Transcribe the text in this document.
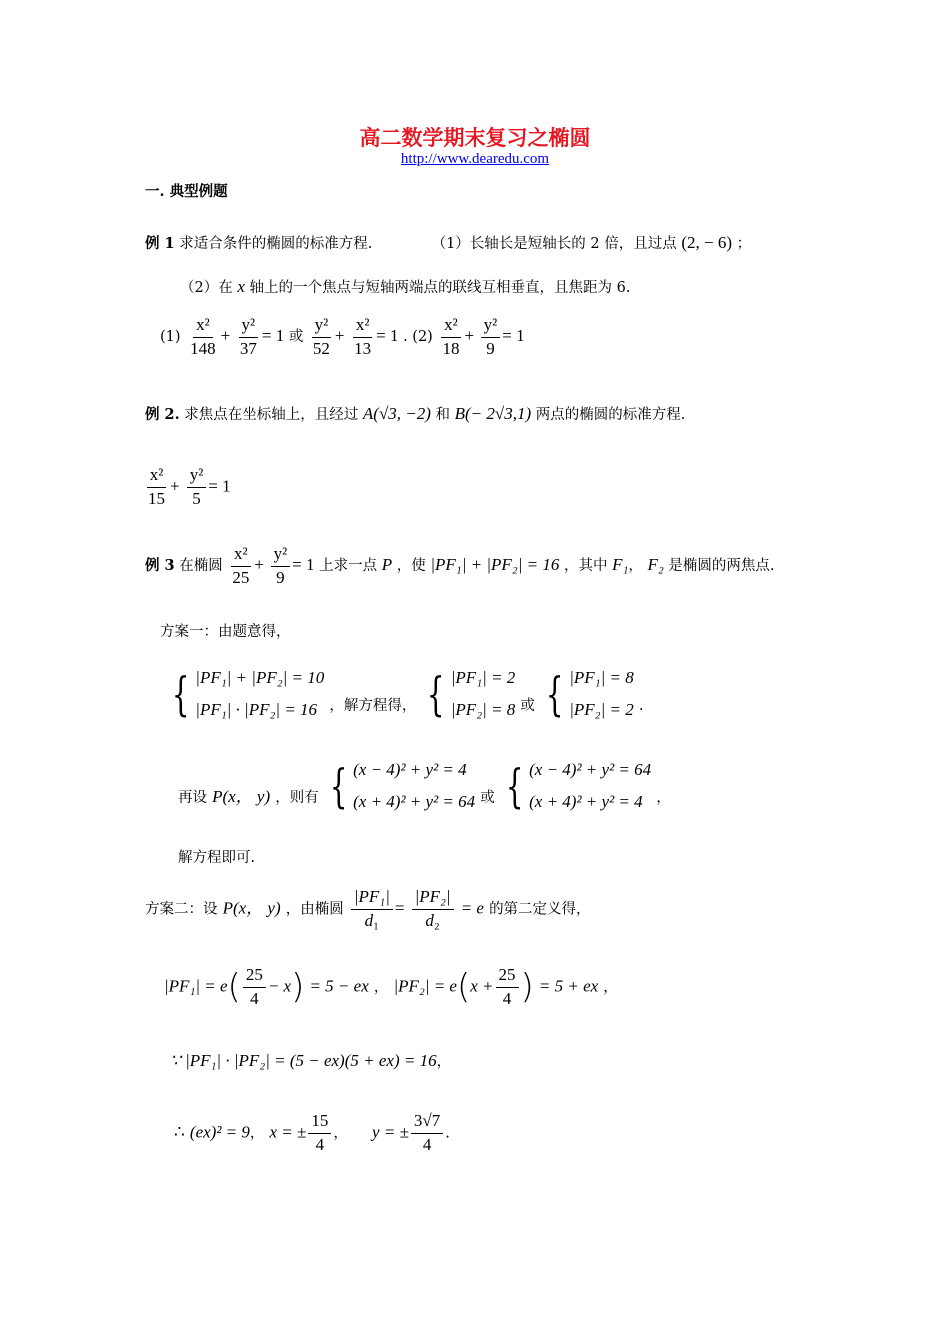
高二数学期末复习之椭圆
http://www.dearedu.com
一. 典型例题
例 1 求适合条件的椭圆的标准方程.	（1）长轴长是短轴长的 2 倍，且过点 (2, − 6) ；
（2）在 x 轴上的一个焦点与短轴两端点的联线互相垂直，且焦距为 6.
$(1) \frac{\text{x²}}{148} + \frac{\text{y²}}{37} = 1$ 或 $\frac{\text{y²}}{52} + \frac{\text{x²}}{13} = 1$ . $(2) \frac{\text{x²}}{18} + \frac{\text{y²}}{9} = 1$
例 2. 求焦点在坐标轴上，且经过 A(√3, −2) 和 B(− 2√3,1) 两点的椭圆的标准方程.
$\frac{\text{x²}}{15} + \frac{\text{y²}}{5} = 1$
例 3 在椭圆 $\frac{\text{x²}}{25} + \frac{\text{y²}}{9} = 1$ 上求一点 P ，使 |PF₁| + |PF₂| = 16 ，其中 F₁， F₂ 是椭圆的两焦点.
方案一：由题意得，
{ |PF₁| + |PF₂| = 10
|PF₁| · |PF₂| = 16 ，解方程得， { |PF₁| = 2
|PF₂| = 8 或 { |PF₁| = 8
|PF₂| = 2 .
再设 P(x， y) ，则有 { (x − 4)² + y² = 4
(x + 4)² + y² = 64 或 { (x − 4)² + y² = 64
(x + 4)² + y² = 4 ，
解方程即可.
方案二：设 P(x， y) ，由椭圆 $\frac{\text{|PF₁|}}{\text{d₁}} = \frac{\text{|PF₂|}}{\text{d₂}} = e$ 的第二定义得，
$|PF_1| = e( \frac{25}{4} - x) = 5$ − ex ， $|PF_2| = e(x + \frac{25}{4}$ ) = 5 + ex ，
∵ |PF₁| · |PF₂| = (5 − ex)(5 + ex) = 16，
∴ (ex)² = 9， x = ± $\frac{15}{4}$ ， y = ± $\frac{3√7}{4}$ .
